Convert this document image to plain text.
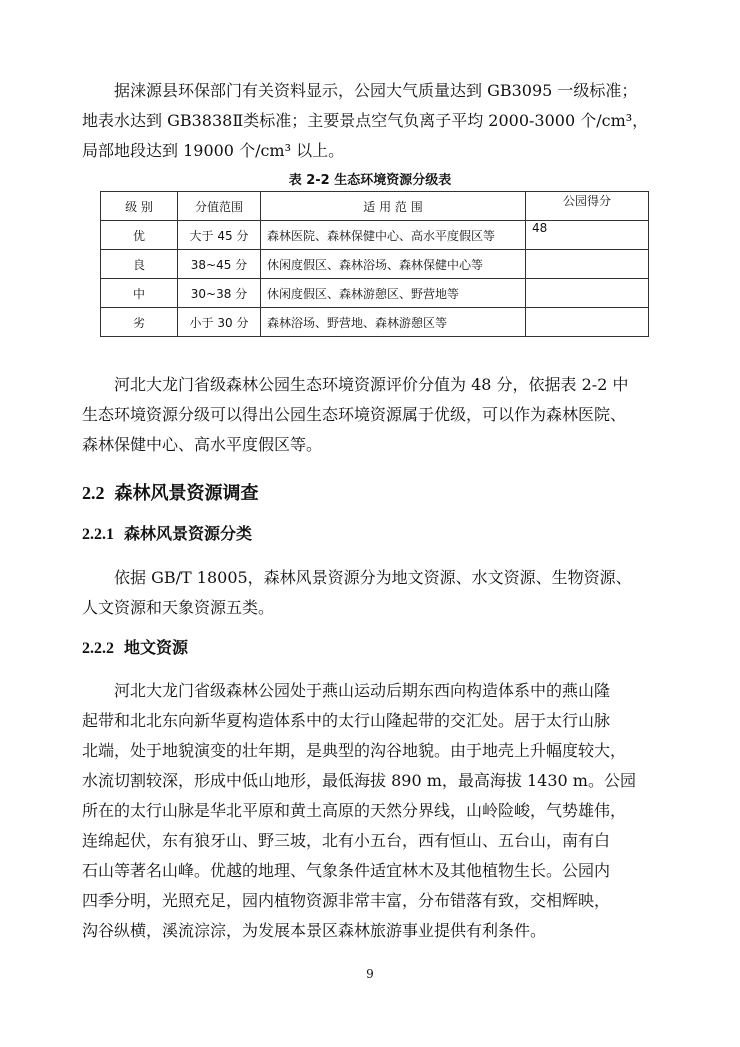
据涞源县环保部门有关资料显示，公园大气质量达到 GB3095 一级标准；
地表水达到 GB3838Ⅱ类标准；主要景点空气负离子平均 2000-3000 个/cm³，
局部地段达到 19000 个/cm³ 以上。
表 2-2 生态环境资源分级表
级 别	分值范围	适 用 范 围	公园得分
优	大于 45 分	森林医院、森林保健中心、高水平度假区等	48
良	38~45 分	休闲度假区、森林浴场、森林保健中心等	
中	30~38 分	休闲度假区、森林游憩区、野营地等	
劣	小于 30 分	森林浴场、野营地、森林游憩区等	
河北大龙门省级森林公园生态环境资源评价分值为 48 分，依据表 2-2 中
生态环境资源分级可以得出公园生态环境资源属于优级，可以作为森林医院、
森林保健中心、高水平度假区等。
2.2 森林风景资源调查
2.2.1 森林风景资源分类
依据 GB/T 18005，森林风景资源分为地文资源、水文资源、生物资源、
人文资源和天象资源五类。
2.2.2 地文资源
河北大龙门省级森林公园处于燕山运动后期东西向构造体系中的燕山隆
起带和北北东向新华夏构造体系中的太行山隆起带的交汇处。居于太行山脉
北端，处于地貌演变的壮年期，是典型的沟谷地貌。由于地壳上升幅度较大，
水流切割较深，形成中低山地形，最低海拔 890 m，最高海拔 1430 m。公园
所在的太行山脉是华北平原和黄土高原的天然分界线，山岭险峻，气势雄伟，
连绵起伏，东有狼牙山、野三坡，北有小五台，西有恒山、五台山，南有白
石山等著名山峰。优越的地理、气象条件适宜林木及其他植物生长。公园内
四季分明，光照充足，园内植物资源非常丰富，分布错落有致，交相辉映，
沟谷纵横，溪流淙淙，为发展本景区森林旅游事业提供有利条件。
9
